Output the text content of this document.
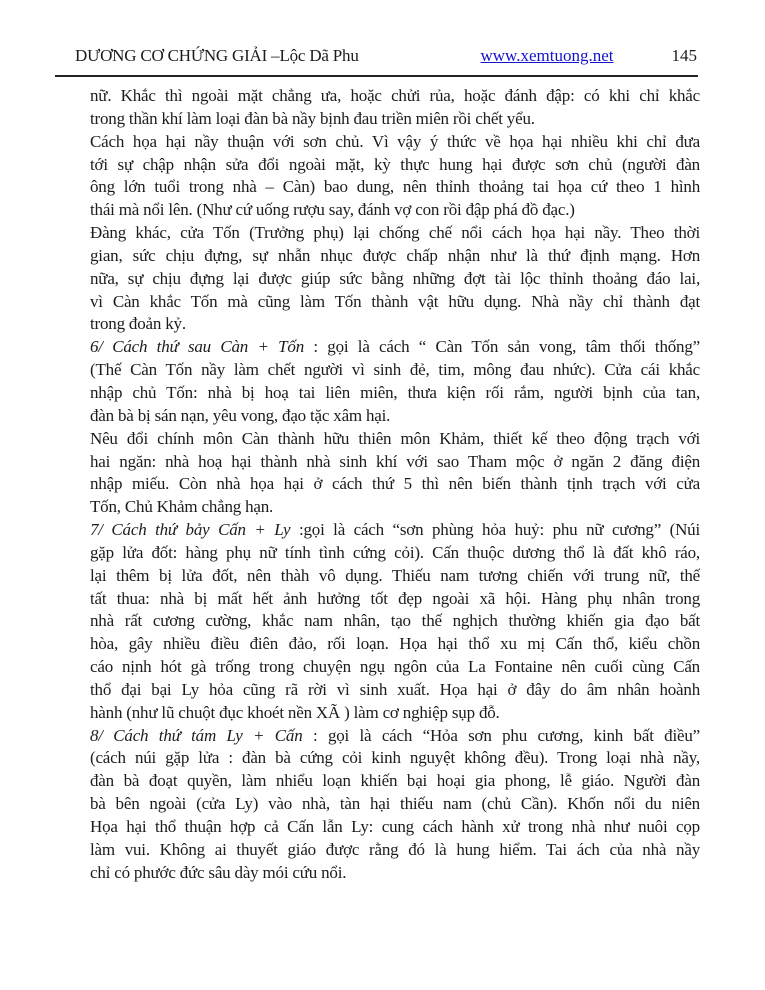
DƯƠNG CƠ CHỨNG GIẢI –Lộc Dã Phu	www.xemtuong.net	145
nữ. Khắc thì ngoài mặt chẳng ưa, hoặc chửi rủa, hoặc đánh đập: có khi chỉ khắc
trong thần khí làm loại đàn bà nầy bịnh đau triền miên rồi chết yểu.
Cách họa hại nầy thuận với sơn chủ. Vì vậy ý thức về họa hại nhiều khi chỉ đưa
tới sự chập nhận sửa đổi ngoài mặt, kỳ thực hung hại được sơn chủ (người đàn
ông lớn tuổi trong nhà – Càn) bao dung, nên thỉnh thoảng tai họa cứ theo 1 hình
thái mà nổi lên. (Như cứ uống rượu say, đánh vợ con rồi đập phá đồ đạc.)
Đàng khác, cửa Tốn (Trưởng phụ) lại chống chế nổi cách họa hại nầy. Theo thời
gian, sức chịu đựng, sự nhẫn nhục được chấp nhận như là thứ định mạng. Hơn
nữa, sự chịu đựng lại được giúp sức bằng những đợt tài lộc thỉnh thoảng đáo lai,
vì Càn khắc Tốn mà cũng làm Tốn thành vật hữu dụng. Nhà nầy chỉ thành đạt
trong đoản kỷ.
6/ Cách thứ sau Càn + Tốn : gọi là cách “ Càn Tốn sản vong, tâm thối thống”
(Thế Càn Tốn nầy làm chết người vì sinh đẻ, tim, mông đau nhức). Cửa cái khắc
nhập chủ Tốn: nhà bị hoạ tai liên miên, thưa kiện rối rắm, người bịnh của tan,
đàn bà bị sán nạn, yêu vong, đạo tặc xâm hại.
Nêu đổi chính môn Càn thành hữu thiên môn Khảm, thiết kế theo động trạch với
hai ngăn: nhà hoạ hại thành nhà sinh khí với sao Tham mộc ở ngăn 2 đăng điện
nhập miếu. Còn nhà họa hại ở cách thứ 5 thì nên biến thành tịnh trạch với cửa
Tốn, Chủ Khảm chẳng hạn.
7/ Cách thứ bảy Cấn + Ly :gọi là cách “sơn phùng hỏa huỷ: phu nữ cương” (Núi
gặp lửa đốt: hàng phụ nữ tính tình cứng cỏi). Cấn thuộc dương thổ là đất khô ráo,
lại thêm bị lửa đốt, nên thàh vô dụng. Thiếu nam tương chiến với trung nữ, thế
tất thua: nhà bị mất hết ảnh hưởng tốt đẹp ngoài xã hội. Hàng phụ nhân trong
nhà rất cương cường, khắc nam nhân, tạo thế nghịch thường khiến gia đạo bất
hòa, gây nhiều điều điên đảo, rối loạn. Họa hại thổ xu mị Cấn thổ, kiểu chồn
cáo nịnh hót gà trống trong chuyện ngụ ngôn của La Fontaine nên cuối cùng Cấn
thổ đại bại Ly hỏa cũng rã rời vì sinh xuất. Họa hại ở đây do âm nhân hoành
hành (như lũ chuột đục khoét nền XÃ ) làm cơ nghiệp sụp đỗ.
8/ Cách thứ tám Ly + Cấn : gọi là cách “Hỏa sơn phu cương, kinh bất điều”
(cách núi gặp lửa : đàn bà cứng cỏi kinh nguyệt không đều). Trong loại nhà nầy,
đàn bà đoạt quyền, làm nhiểu loạn khiến bại hoại gia phong, lễ giáo. Người đàn
bà bên ngoài (cửa Ly) vào nhà, tàn hại thiếu nam (chủ Cần). Khốn nổi du niên
Họa hại thổ thuận hợp cả Cấn lẫn Ly: cung cách hành xử trong nhà như nuôi cọp
làm vui. Không ai thuyết giáo được rằng đó là hung hiểm. Tai ách của nhà nầy
chỉ có phước đức sâu dày mói cứu nổi.
